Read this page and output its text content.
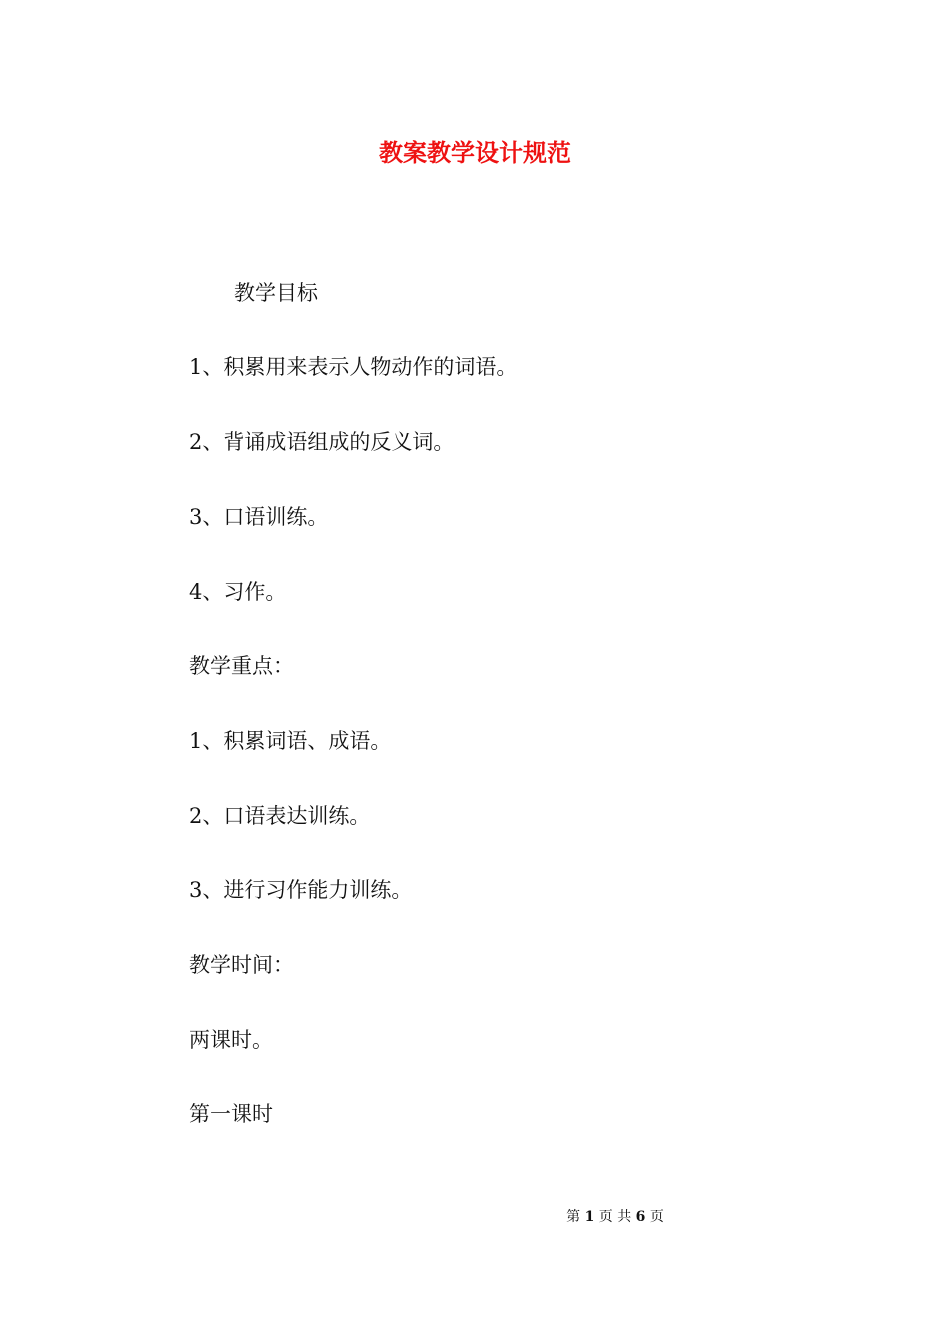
教案教学设计规范

教学目标

1、积累用来表示人物动作的词语。

2、背诵成语组成的反义词。

3、口语训练。

4、习作。

教学重点：

1、积累词语、成语。

2、口语表达训练。

3、进行习作能力训练。

教学时间：

两课时。

第一课时

第 1 页 共 6 页
